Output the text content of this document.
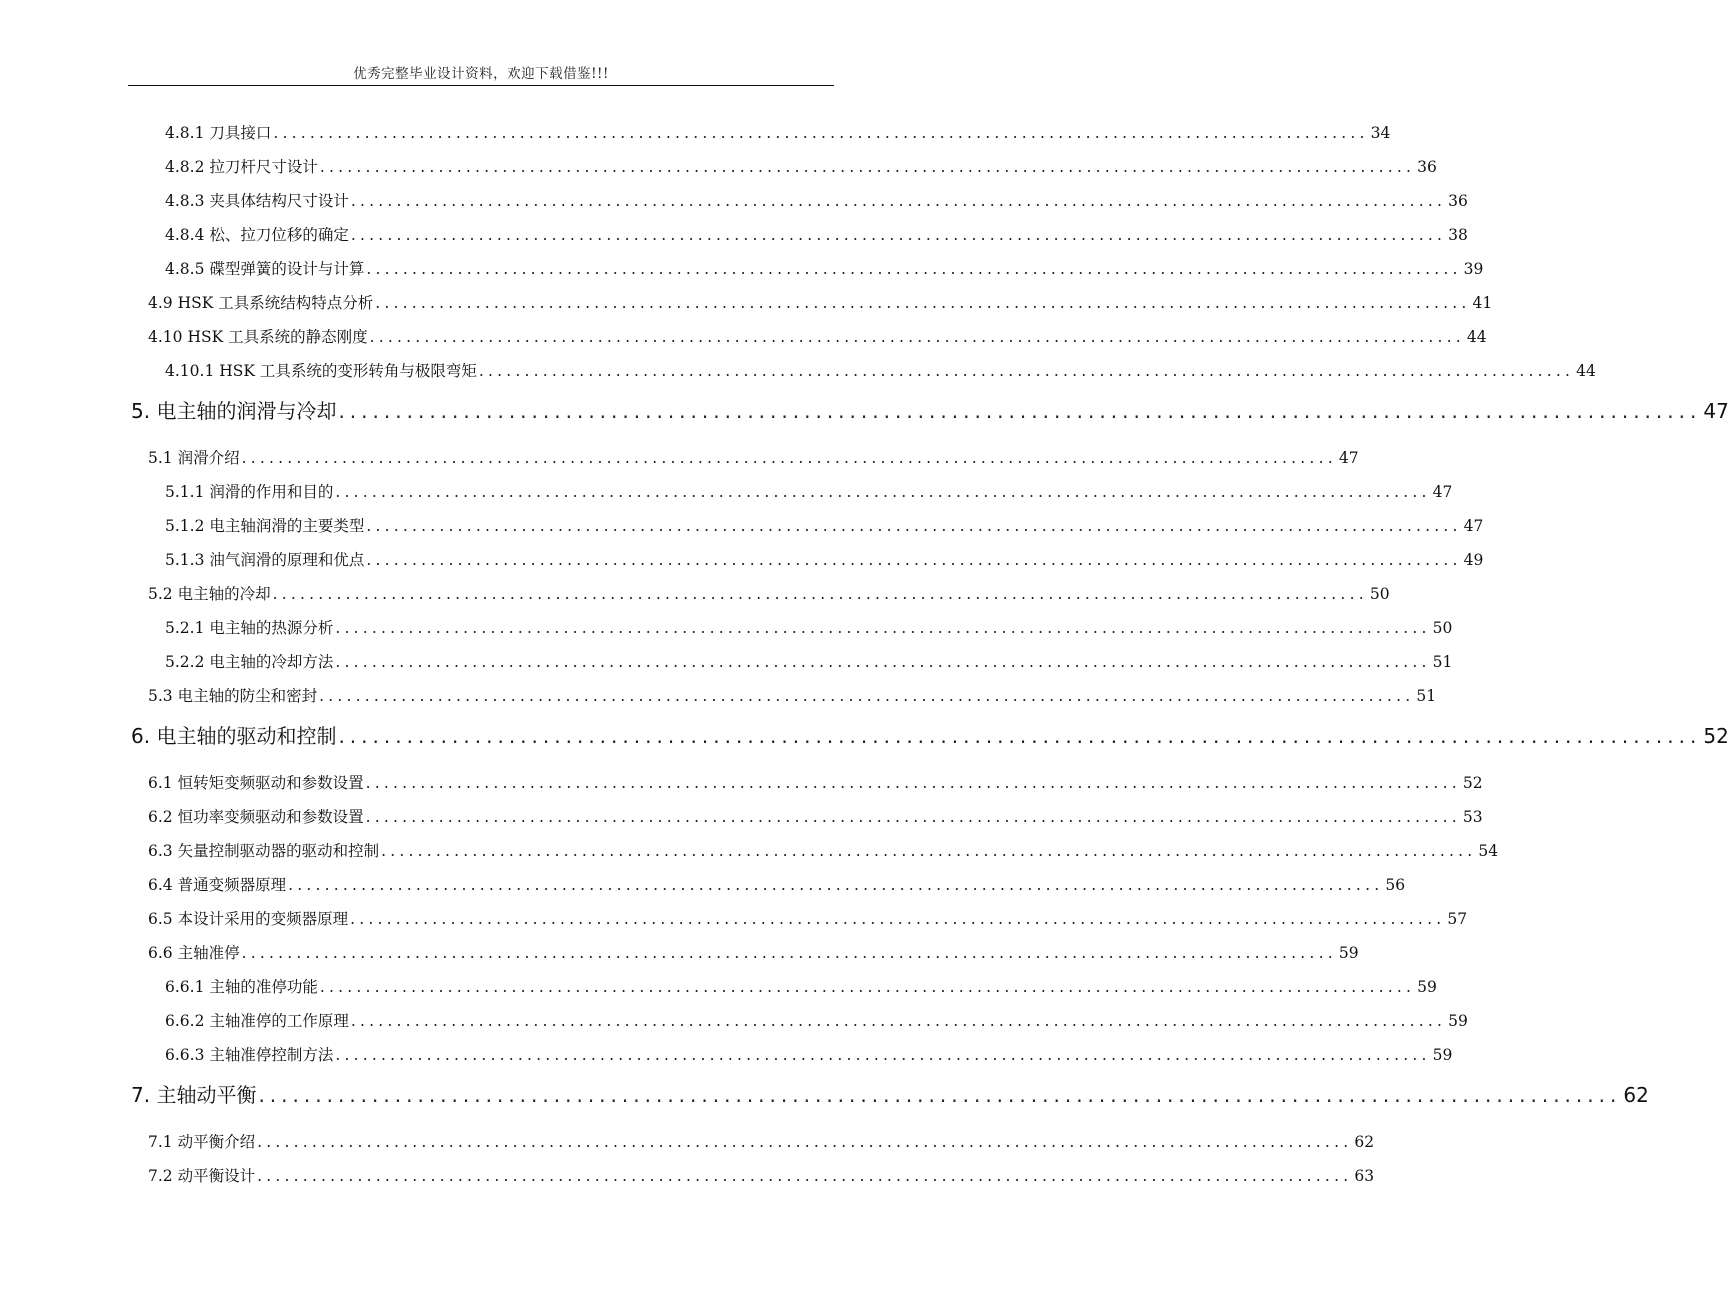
优秀完整毕业设计资料，欢迎下载借鉴!!!
4.8.1 刀具接口 ........................................................................................................................ 34
4.8.2 拉刀杆尺寸设计 ........................................................................................................................ 36
4.8.3 夹具体结构尺寸设计 ........................................................................................................................ 36
4.8.4 松、拉刀位移的确定 ........................................................................................................................ 38
4.8.5 碟型弹簧的设计与计算 ........................................................................................................................ 39
4.9 HSK 工具系统结构特点分析 ........................................................................................................................ 41
4.10 HSK 工具系统的静态刚度 ........................................................................................................................ 44
4.10.1 HSK 工具系统的变形转角与极限弯矩 ........................................................................................................................ 44
5. 电主轴的润滑与冷却 ........................................................................................................................ 47
5.1 润滑介绍 ........................................................................................................................ 47
5.1.1 润滑的作用和目的 ........................................................................................................................ 47
5.1.2 电主轴润滑的主要类型 ........................................................................................................................ 47
5.1.3 油气润滑的原理和优点 ........................................................................................................................ 49
5.2 电主轴的冷却 ........................................................................................................................ 50
5.2.1 电主轴的热源分析 ........................................................................................................................ 50
5.2.2 电主轴的冷却方法 ........................................................................................................................ 51
5.3 电主轴的防尘和密封 ........................................................................................................................ 51
6. 电主轴的驱动和控制 ........................................................................................................................ 52
6.1 恒转矩变频驱动和参数设置 ........................................................................................................................ 52
6.2 恒功率变频驱动和参数设置 ........................................................................................................................ 53
6.3 矢量控制驱动器的驱动和控制 ........................................................................................................................ 54
6.4 普通变频器原理 ........................................................................................................................ 56
6.5 本设计采用的变频器原理 ........................................................................................................................ 57
6.6 主轴准停 ........................................................................................................................ 59
6.6.1 主轴的准停功能 ........................................................................................................................ 59
6.6.2 主轴准停的工作原理 ........................................................................................................................ 59
6.6.3 主轴准停控制方法 ........................................................................................................................ 59
7. 主轴动平衡 ........................................................................................................................ 62
7.1 动平衡介绍 ........................................................................................................................ 62
7.2 动平衡设计 ........................................................................................................................ 63
